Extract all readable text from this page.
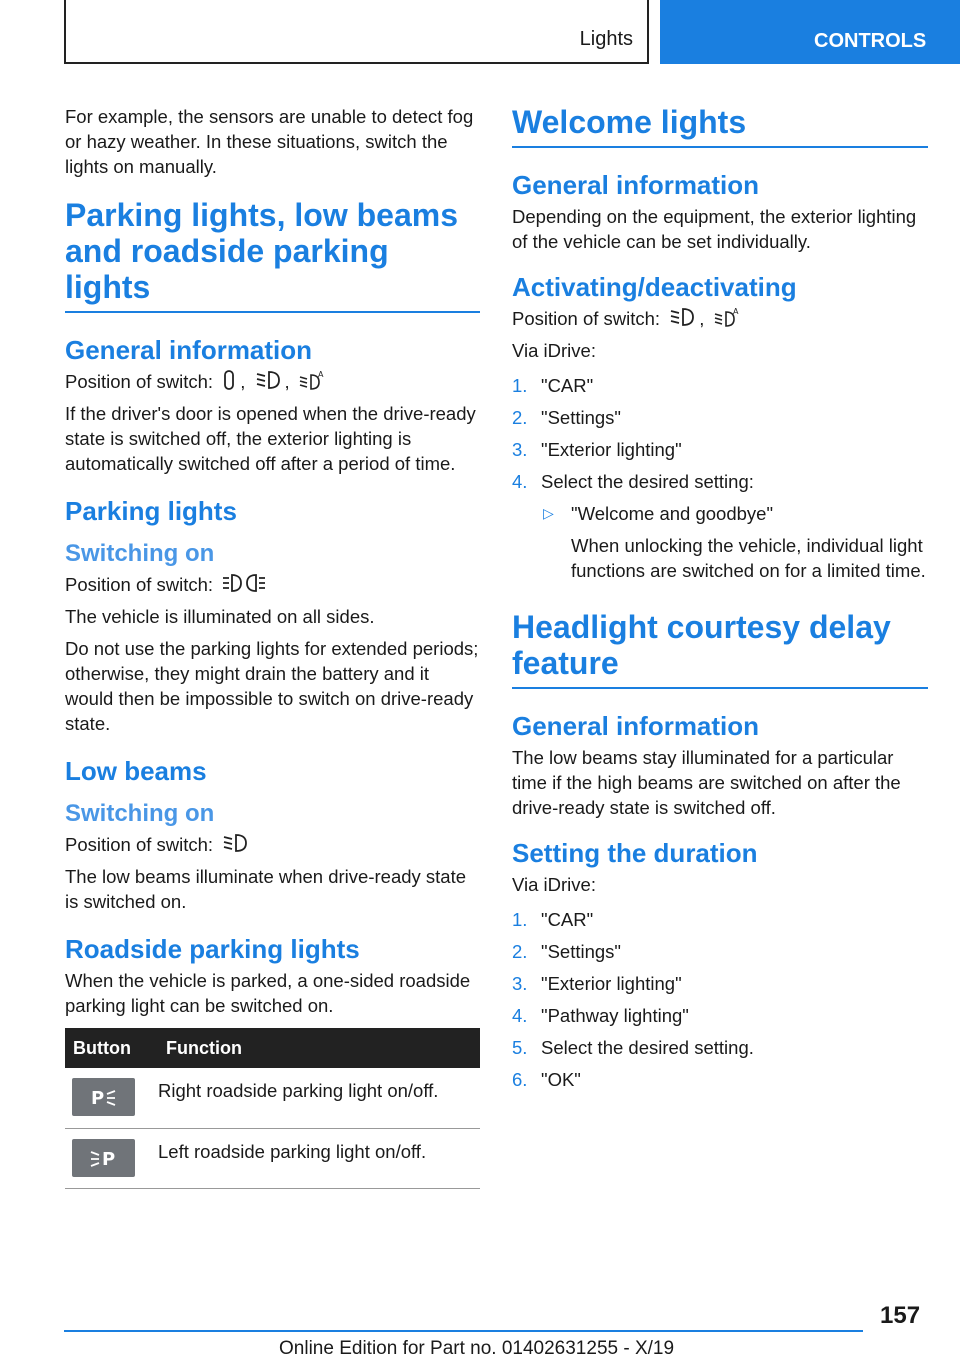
Lights	CONTROLS

For example, the sensors are unable to detect fog or hazy weather. In these situations, switch the lights on manually.

Parking lights, low beams and roadside parking lights
General information

Position of switch: , ,	A

If the driver's door is opened when the drive-ready state is switched off, the exterior lighting is automatically switched off after a period of time.

Parking lights
Switching on

Position of switch:

The vehicle is illuminated on all sides.

Do not use the parking lights for extended periods; otherwise, they might drain the battery and it would then be impossible to switch on drive-ready state.

Low beams
Switching on

Position of switch:

The low beams illuminate when drive-ready state is switched on.

Roadside parking lights

When the vehicle is parked, a one-sided roadside parking light can be switched on.

Button	Function

P	Right roadside parking light on/off.

P	Left roadside parking light on/off.
Welcome lights
General information

Depending on the equipment, the exterior lighting of the vehicle can be set individually.

Activating/deactivating

Position of switch: ,	A

Via iDrive:

1. "CAR"
2. "Settings"
3. "Exterior lighting"
4. Select the desired setting:
▷ "Welcome and goodbye"

When unlocking the vehicle, individual light functions are switched on for a limited time.

Headlight courtesy delay feature
General information

The low beams stay illuminated for a particular time if the high beams are switched on after the drive-ready state is switched off.

Setting the duration

Via iDrive:

1. "CAR"
2. "Settings"
3. "Exterior lighting"
4. "Pathway lighting"
5. Select the desired setting.
6. "OK"
157
Online Edition for Part no. 01402631255 - X/19
